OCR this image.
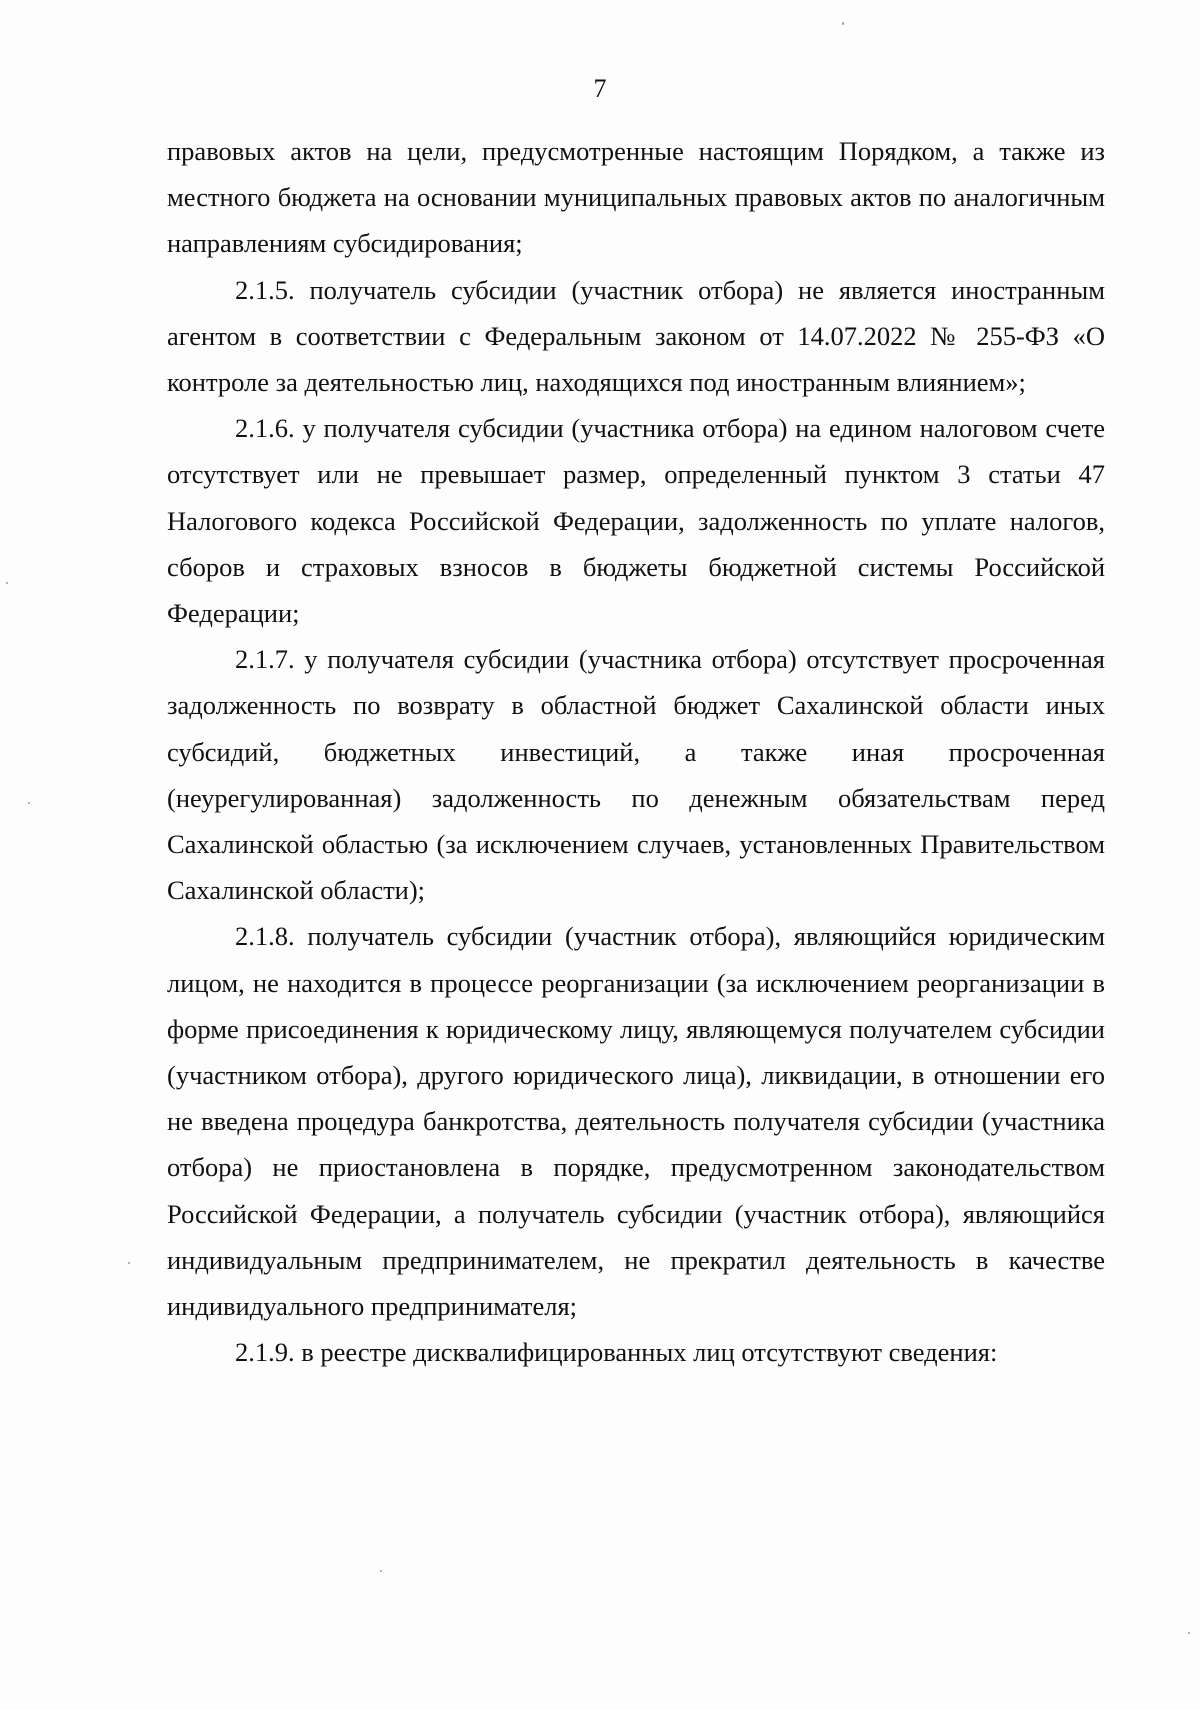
7

правовых актов на цели, предусмотренные настоящим Порядком, а также из местного бюджета на основании муниципальных правовых актов по аналогичным направлениям субсидирования;

2.1.5. получатель субсидии (участник отбора) не является иностранным агентом в соответствии с Федеральным законом от 14.07.2022 № 255-ФЗ «О контроле за деятельностью лиц, находящихся под иностранным влиянием»;

2.1.6. у получателя субсидии (участника отбора) на едином налоговом счете отсутствует или не превышает размер, определенный пунктом 3 статьи 47 Налогового кодекса Российской Федерации, задолженность по уплате налогов, сборов и страховых взносов в бюджеты бюджетной системы Российской Федерации;

2.1.7. у получателя субсидии (участника отбора) отсутствует просроченная задолженность по возврату в областной бюджет Сахалинской области иных субсидий, бюджетных инвестиций, а также иная просроченная (неурегулированная) задолженность по денежным обязательствам перед Сахалинской областью (за исключением случаев, установленных Правительством Сахалинской области);

2.1.8. получатель субсидии (участник отбора), являющийся юридическим лицом, не находится в процессе реорганизации (за исключением реорганизации в форме присоединения к юридическому лицу, являющемуся получателем субсидии (участником отбора), другого юридического лица), ликвидации, в отношении его не введена процедура банкротства, деятельность получателя субсидии (участника отбора) не приостановлена в порядке, предусмотренном законодательством Российской Федерации, а получатель субсидии (участник отбора), являющийся индивидуальным предпринимателем, не прекратил деятельность в качестве индивидуального предпринимателя;

2.1.9. в реестре дисквалифицированных лиц отсутствуют сведения:
